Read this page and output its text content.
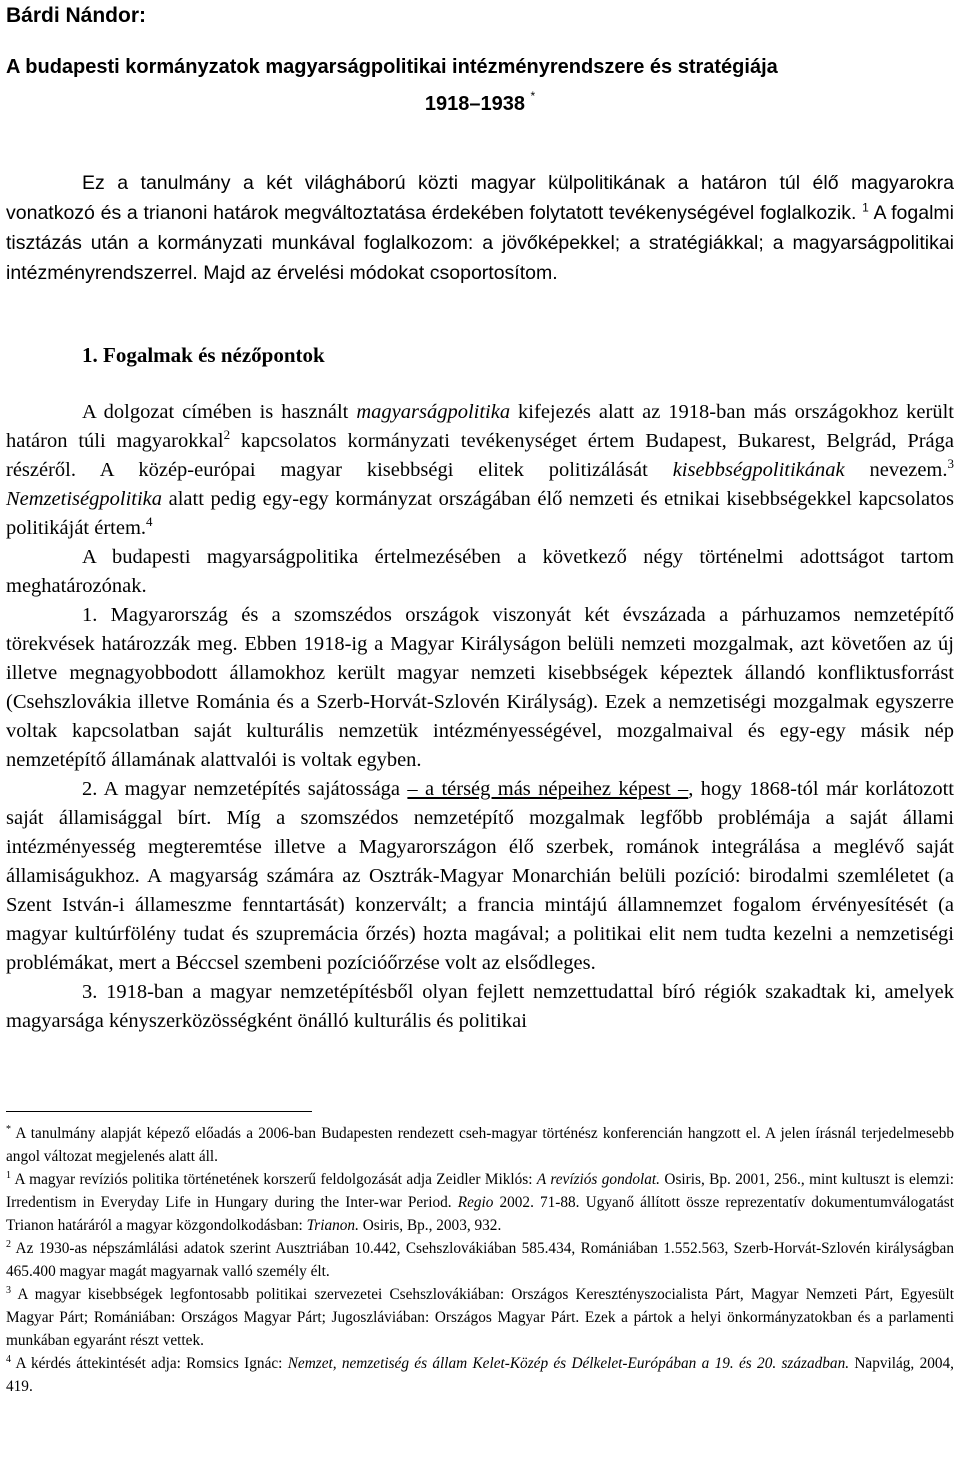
Bárdi Nándor:
A budapesti kormányzatok magyarságpolitikai intézményrendszere és stratégiája
1918–1938 *
Ez a tanulmány a két világháború közti magyar külpolitikának a határon túl élő magyarokra vonatkozó és a trianoni határok megváltoztatása érdekében folytatott tevékenységével foglalkozik. $^1$ A fogalmi tisztázás után a kormányzati munkával foglalkozom: a jövőképekkel; a stratégiákkal; a magyarságpolitikai intézményrendszerrel. Majd az érvelési módokat csoportosítom.
1. Fogalmak és nézőpontok

A dolgozat címében is használt magyarságpolitika kifejezés alatt az 1918-ban más országokhoz került határon túli magyarokkal$^2$ kapcsolatos kormányzati tevékenységet értem Budapest, Bukarest, Belgrád, Prága részéről. A közép-európai magyar kisebbségi elitek politizálását kisebbségpolitikának nevezem.$^3$ Nemzetiségpolitika alatt pedig egy-egy kormányzat országában élő nemzeti és etnikai kisebbségekkel kapcsolatos politikáját értem.$^4$

A budapesti magyarságpolitika értelmezésében a következő négy történelmi adottságot tartom meghatározónak.

1. Magyarország és a szomszédos országok viszonyát két évszázada a párhuzamos nemzetépítő törekvések határozzák meg. Ebben 1918-ig a Magyar Királyságon belüli nemzeti mozgalmak, azt követően az új illetve megnagyobbodott államokhoz került magyar nemzeti kisebbségek képeztek állandó konfliktusforrást (Csehszlovákia illetve Románia és a Szerb-Horvát-Szlovén Királyság). Ezek a nemzetiségi mozgalmak egyszerre voltak kapcsolatban saját kulturális nemzetük intézményességével, mozgalmaival és egy-egy másik nép nemzetépítő államának alattvalói is voltak egyben.

2. A magyar nemzetépítés sajátossága – a térség más népeihez képest –, hogy 1868-tól már korlátozott saját államisággal bírt. Míg a szomszédos nemzetépítő mozgalmak legfőbb problémája a saját állami intézményesség megteremtése illetve a Magyarországon élő szerbek, románok integrálása a meglévő saját államiságukhoz. A magyarság számára az Osztrák-Magyar Monarchián belüli pozíció: birodalmi szemléletet (a Szent István-i állameszme fenntartását) konzervált; a francia mintájú államnemzet fogalom érvényesítését (a magyar kultúrfölény tudat és szupremácia őrzés) hozta magával; a politikai elit nem tudta kezelni a nemzetiségi problémákat, mert a Béccsel szembeni pozícióőrzése volt az elsődleges.

3. 1918-ban a magyar nemzetépítésből olyan fejlett nemzettudattal bíró régiók szakadtak ki, amelyek magyarsága kényszerközösségként önálló kulturális és politikai

* A tanulmány alapját képező előadás a 2006-ban Budapesten rendezett cseh-magyar történész konferencián hangzott el. A jelen írásnál terjedelmesebb angol változat megjelenés alatt áll.

$^1$ A magyar revíziós politika történetének korszerű feldolgozását adja Zeidler Miklós: A revíziós gondolat. Osiris, Bp. 2001, 256., mint kultuszt is elemzi: Irredentism in Everyday Life in Hungary during the Inter-war Period. Regio 2002. 71-88. Ugyanő állított össze reprezentatív dokumentumválogatást Trianon határáról a magyar közgondolkodásban: Trianon. Osiris, Bp., 2003, 932.

$^2$ Az 1930-as népszámlálási adatok szerint Ausztriában 10.442, Csehszlovákiában 585.434, Romániában 1.552.563, Szerb-Horvát-Szlovén királyságban 465.400 magyar magát magyarnak valló személy élt.

$^3$ A magyar kisebbségek legfontosabb politikai szervezetei Csehszlovákiában: Országos Keresztényszocialista Párt, Magyar Nemzeti Párt, Egyesült Magyar Párt; Romániában: Országos Magyar Párt; Jugoszláviában: Országos Magyar Párt. Ezek a pártok a helyi önkormányzatokban és a parlamenti munkában egyaránt részt vettek.

$^4$ A kérdés áttekintését adja: Romsics Ignác: Nemzet, nemzetiség és állam Kelet-Közép és Délkelet-Európában a 19. és 20. században. Napvilág, 2004, 419.
